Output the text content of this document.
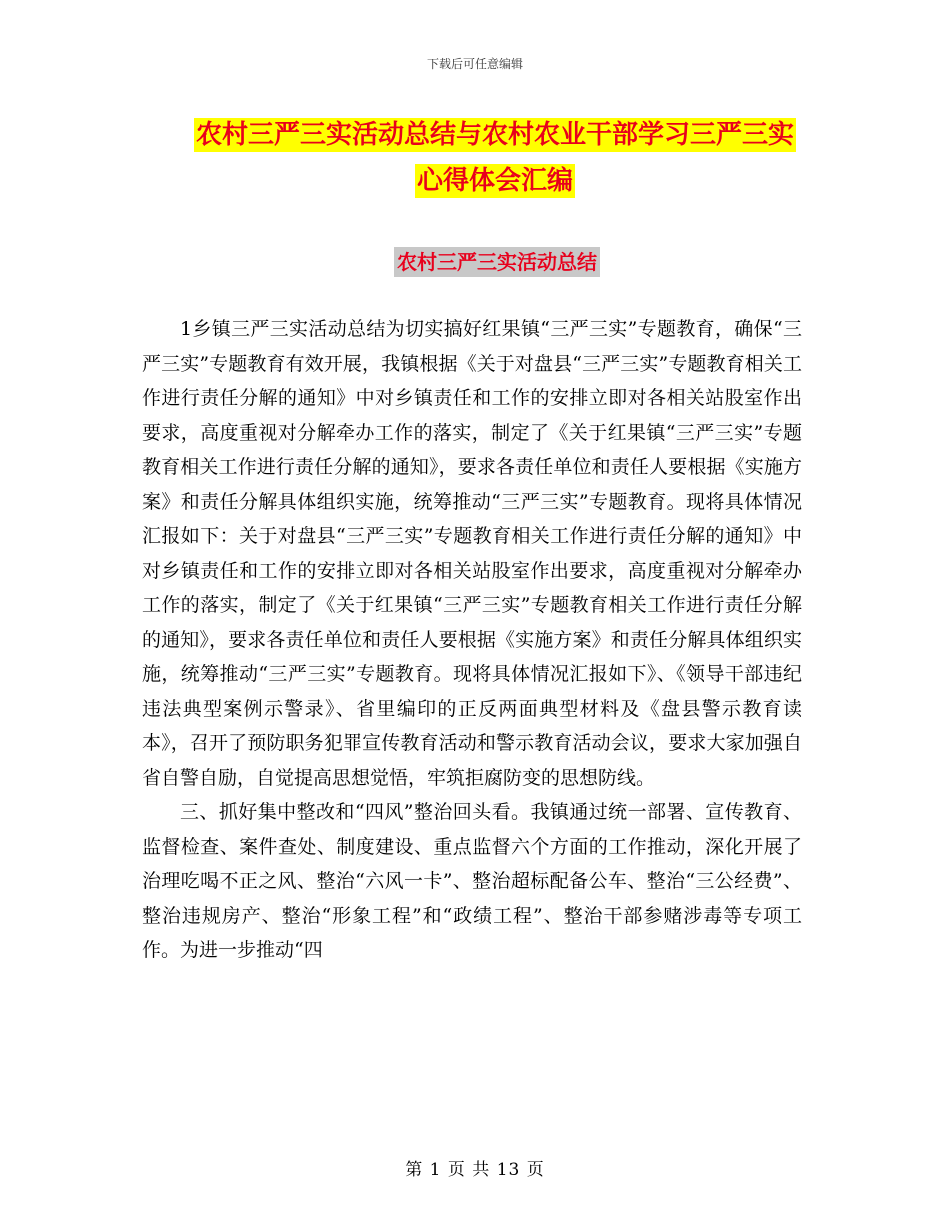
下载后可任意编辑
农村三严三实活动总结与农村农业干部学习三严三实
心得体会汇编
农村三严三实活动总结

1乡镇三严三实活动总结为切实搞好红果镇“三严三实”专题教育，确保“三严三实”专题教育有效开展，我镇根据《关于对盘县“三严三实”专题教育相关工作进行责任分解的通知》中对乡镇责任和工作的安排立即对各相关站股室作出要求，高度重视对分解牵办工作的落实，制定了《关于红果镇“三严三实”专题教育相关工作进行责任分解的通知》，要求各责任单位和责任人要根据《实施方案》和责任分解具体组织实施，统筹推动“三严三实”专题教育。现将具体情况汇报如下：关于对盘县“三严三实”专题教育相关工作进行责任分解的通知》中对乡镇责任和工作的安排立即对各相关站股室作出要求，高度重视对分解牵办工作的落实，制定了《关于红果镇“三严三实”专题教育相关工作进行责任分解的通知》，要求各责任单位和责任人要根据《实施方案》和责任分解具体组织实施，统筹推动“三严三实”专题教育。现将具体情况汇报如下》、《领导干部违纪违法典型案例示警录》、省里编印的正反两面典型材料及《盘县警示教育读本》，召开了预防职务犯罪宣传教育活动和警示教育活动会议，要求大家加强自省自警自励，自觉提高思想觉悟，牢筑拒腐防变的思想防线。

三、抓好集中整改和“四风”整治回头看。我镇通过统一部署、宣传教育、监督检查、案件查处、制度建设、重点监督六个方面的工作推动，深化开展了治理吃喝不正之风、整治“六风一卡”、整治超标配备公车、整治“三公经费”、整治违规房产、整治“形象工程”和“政绩工程”、整治干部参赌涉毒等专项工作。为进一步推动“四

第 1 页 共 13 页
